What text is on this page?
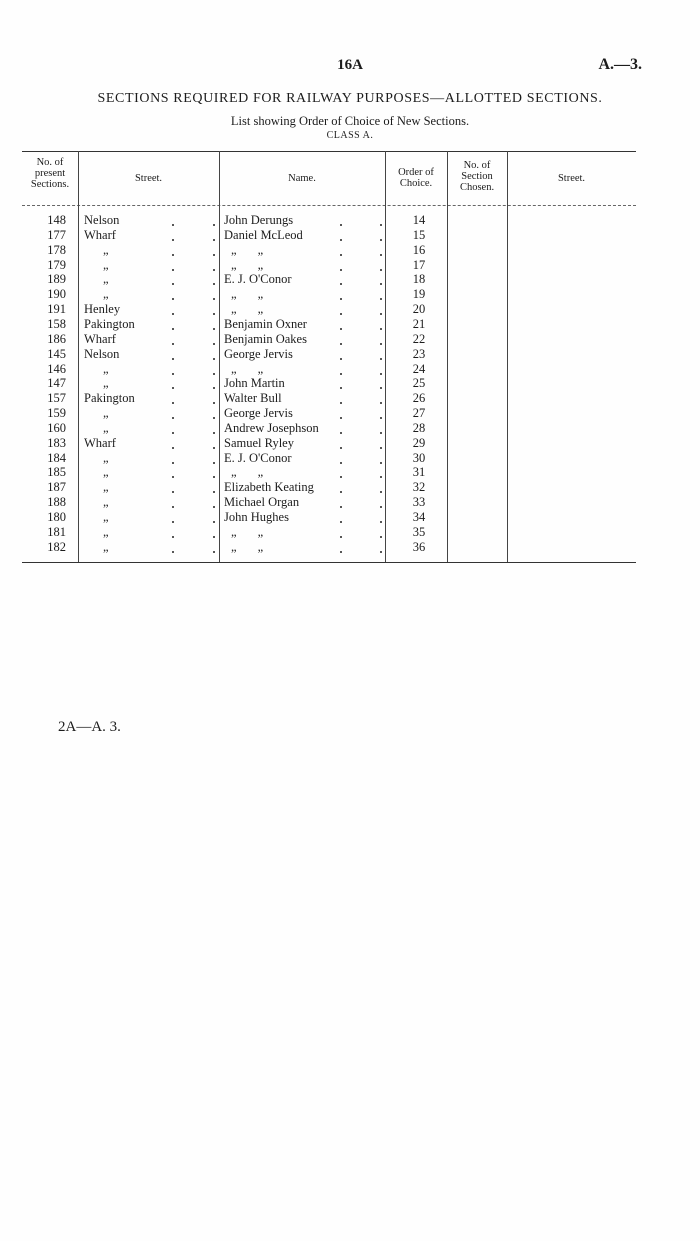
16A	A.—3.
SECTIONS REQUIRED FOR RAILWAY PURPOSES—ALLOTTED SECTIONS.
List showing Order of Choice of New Sections.
CLASS A.
No. of
present
Sections.
Street.	Name.
Order of
Choice.
No. of
Section
Chosen.
Street.
148 Nelson	John Derungs	14
177 Wharf	Daniel McLeod	15
178	„	„ „	16
179	„	„ „	17
189	„	E. J. O'Conor	18
190	„	„ „	19
191 Henley	„ „	20
158 Pakington	Benjamin Oxner	21
186 Wharf	Benjamin Oakes	22
145 Nelson	George Jervis	23
146	„	„ „	24
147	„	John Martin	25
157 Pakington	Walter Bull	26
159	„	George Jervis	27
160	„	Andrew Josephson	28
183 Wharf	Samuel Ryley	29
184	„	E. J. O'Conor	30
185	„	„ „	31
187	„	Elizabeth Keating	32
188	„	Michael Organ	33
180	„	John Hughes	34
181	„	„ „	35
182	„	„ „	36
2A—A. 3.
